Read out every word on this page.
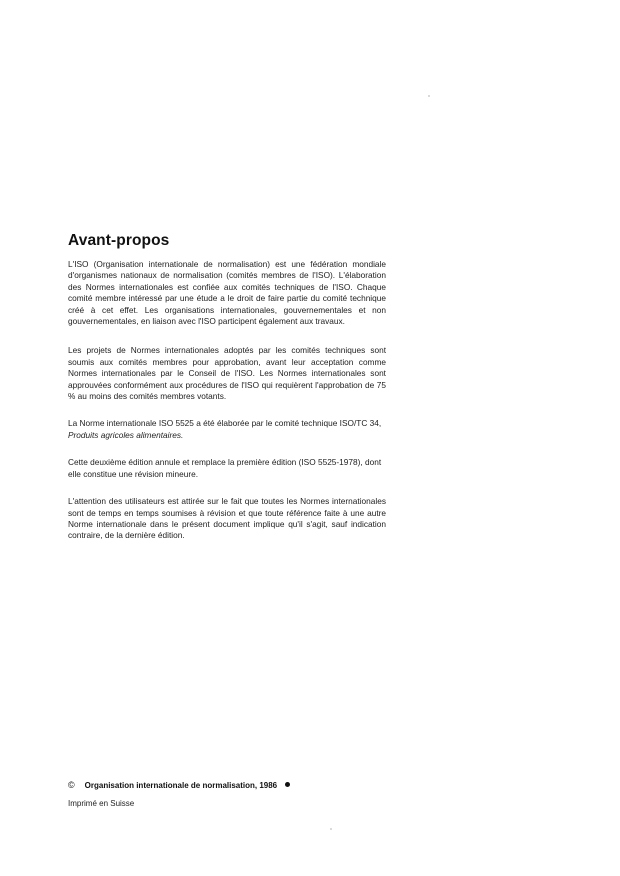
Avant-propos

L'ISO (Organisation internationale de normalisation) est une fédération mondiale d'organismes nationaux de normalisation (comités membres de l'ISO). L'élaboration des Normes internationales est confiée aux comités techniques de l'ISO. Chaque comité membre intéressé par une étude a le droit de faire partie du comité technique créé à cet effet. Les organisations internationales, gouvernementales et non gouvernementales, en liaison avec l'ISO participent également aux travaux.

Les projets de Normes internationales adoptés par les comités techniques sont soumis aux comités membres pour approbation, avant leur acceptation comme Normes internationales par le Conseil de l'ISO. Les Normes internationales sont approuvées conformément aux procédures de l'ISO qui requièrent l'approbation de 75 % au moins des comités membres votants.

La Norme internationale ISO 5525 a été élaborée par le comité technique ISO/TC 34,
Produits agricoles alimentaires.

Cette deuxième édition annule et remplace la première édition (ISO 5525-1978), dont elle constitue une révision mineure.

L'attention des utilisateurs est attirée sur le fait que toutes les Normes internationales sont de temps en temps soumises à révision et que toute référence faite à une autre Norme internationale dans le présent document implique qu'il s'agit, sauf indication contraire, de la dernière édition.

© Organisation internationale de normalisation, 1986
Imprimé en Suisse
